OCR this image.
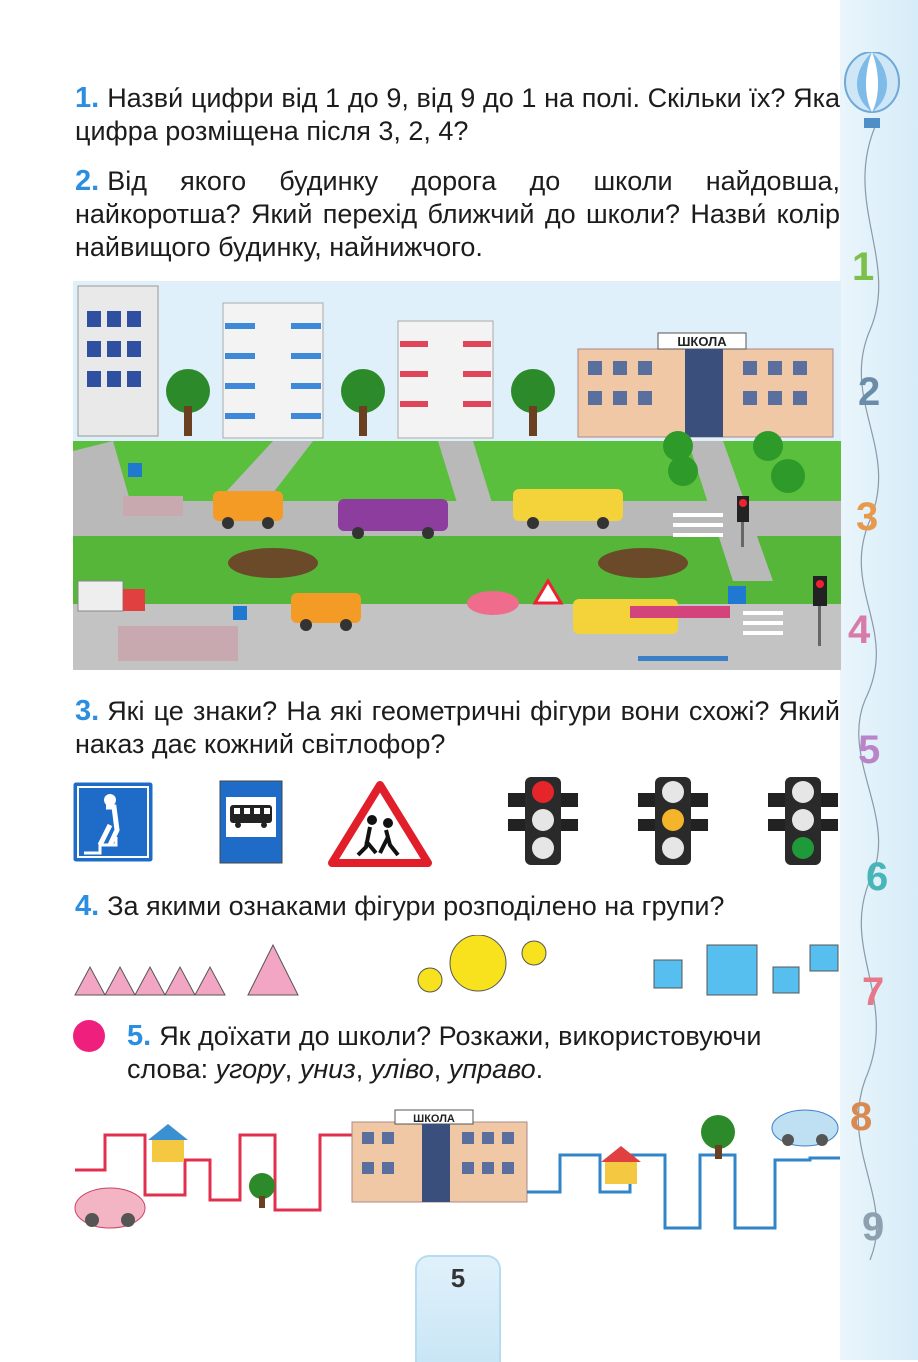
1
2
3
4
5
6
7
8
9
1. Назви́ цифри від 1 до 9, від 9 до 1 на полі. Скільки їх? Яка цифра розміщена після 3, 2, 4?
2. Від якого будинку дорога до школи найдовша, найкоротша? Який перехід ближчий до школи? Назви́ колір найвищого будинку, найнижчого.
ШКОЛА
3. Які це знаки? На які геометричні фігури вони схожі? Який наказ дає кожний світлофор?
4. За якими ознаками фігури розподілено на групи?
5. Як доїхати до школи? Розкажи, використовуючи слова: угору, униз, уліво, управо.
ШКОЛА
5
